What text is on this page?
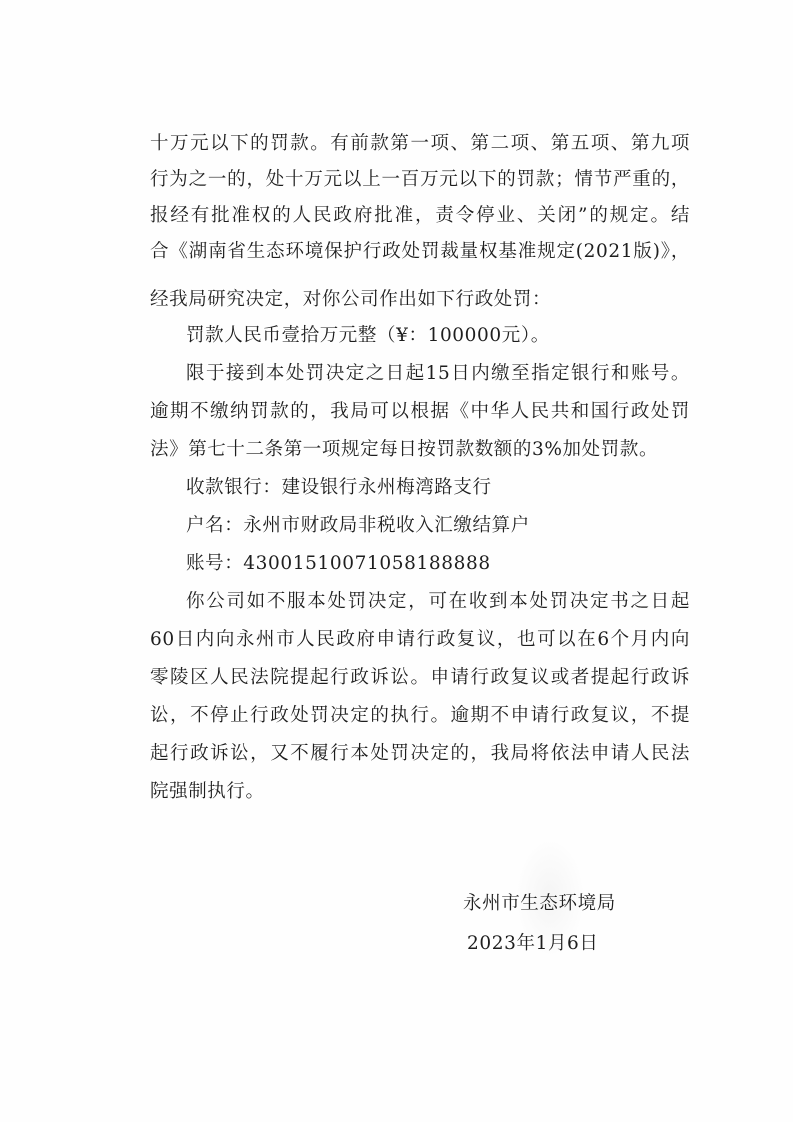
十万元以下的罚款。有前款第一项、第二项、第五项、第九项
行为之一的，处十万元以上一百万元以下的罚款；情节严重的，
报经有批准权的人民政府批准，责令停业、关闭”的规定。结
合《湖南省生态环境保护行政处罚裁量权基准规定(2021版)》，
经我局研究决定，对你公司作出如下行政处罚：
罚款人民币壹拾万元整（¥：100000元）。
限于接到本处罚决定之日起15日内缴至指定银行和账号。
逾期不缴纳罚款的，我局可以根据《中华人民共和国行政处罚
法》第七十二条第一项规定每日按罚款数额的3%加处罚款。
收款银行：建设银行永州梅湾路支行
户名：永州市财政局非税收入汇缴结算户
账号：43001510071058188888
你公司如不服本处罚决定，可在收到本处罚决定书之日起
60日内向永州市人民政府申请行政复议，也可以在6个月内向
零陵区人民法院提起行政诉讼。申请行政复议或者提起行政诉
讼，不停止行政处罚决定的执行。逾期不申请行政复议，不提
起行政诉讼，又不履行本处罚决定的，我局将依法申请人民法
院强制执行。
永州市生态环境局
2023年1月6日
